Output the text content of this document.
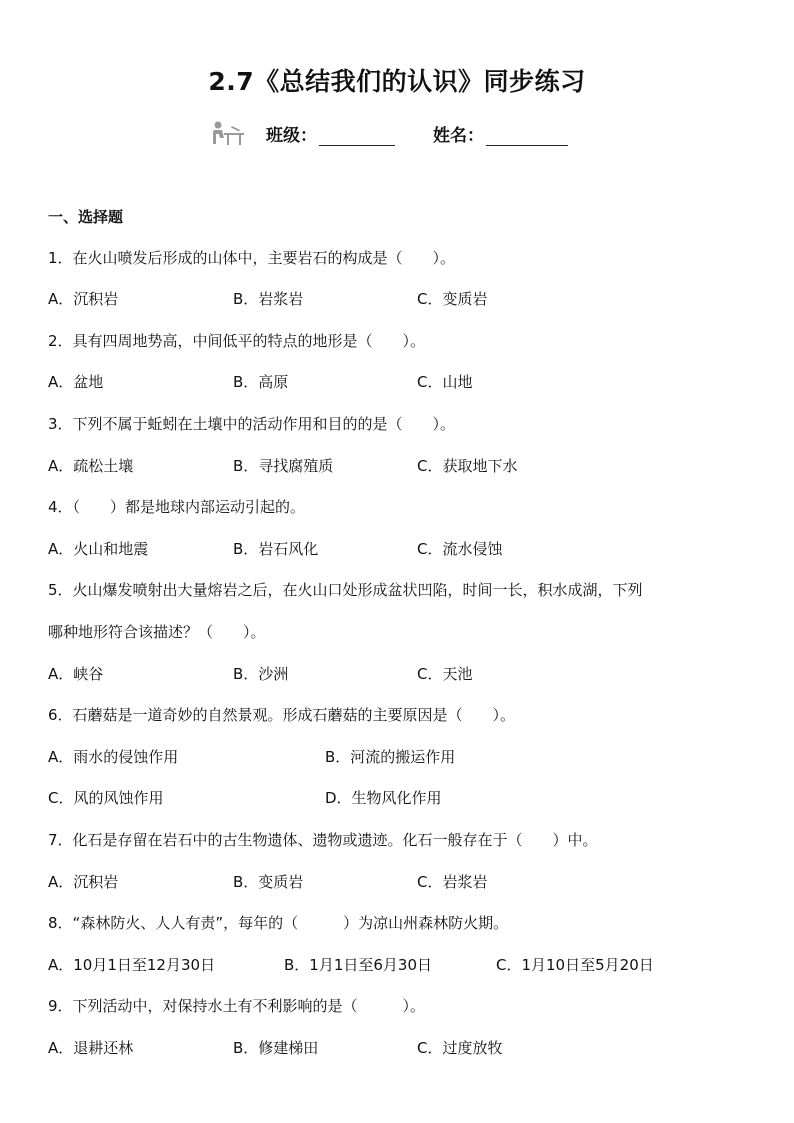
2.7《总结我们的认识》同步练习
班级：	姓名：
一、选择题
1．在火山喷发后形成的山体中，主要岩石的构成是（　　）。
A．沉积岩	B．岩浆岩	C．变质岩
2．具有四周地势高，中间低平的特点的地形是（　　）。
A．盆地	B．高原	C．山地
3．下列不属于蚯蚓在土壤中的活动作用和目的的是（　　）。
A．疏松土壤	B．寻找腐殖质	C．获取地下水
4．（　　）都是地球内部运动引起的。
A．火山和地震	B．岩石风化	C．流水侵蚀
5．火山爆发喷射出大量熔岩之后，在火山口处形成盆状凹陷，时间一长，积水成湖，下列
哪种地形符合该描述？（　　）。
A．峡谷	B．沙洲	C．天池
6．石蘑菇是一道奇妙的自然景观。形成石蘑菇的主要原因是（　　）。
A．雨水的侵蚀作用	B．河流的搬运作用
C．风的风蚀作用	D．生物风化作用
7．化石是存留在岩石中的古生物遗体、遗物或遗迹。化石一般存在于（　　）中。
A．沉积岩	B．变质岩	C．岩浆岩
8．“森林防火、人人有责”，每年的（　　　）为凉山州森林防火期。
A．10月1日至12月30日	B．1月1日至6月30日	C．1月10日至5月20日
9．下列活动中，对保持水土有不利影响的是（　　　）。
A．退耕还林	B．修建梯田	C．过度放牧
